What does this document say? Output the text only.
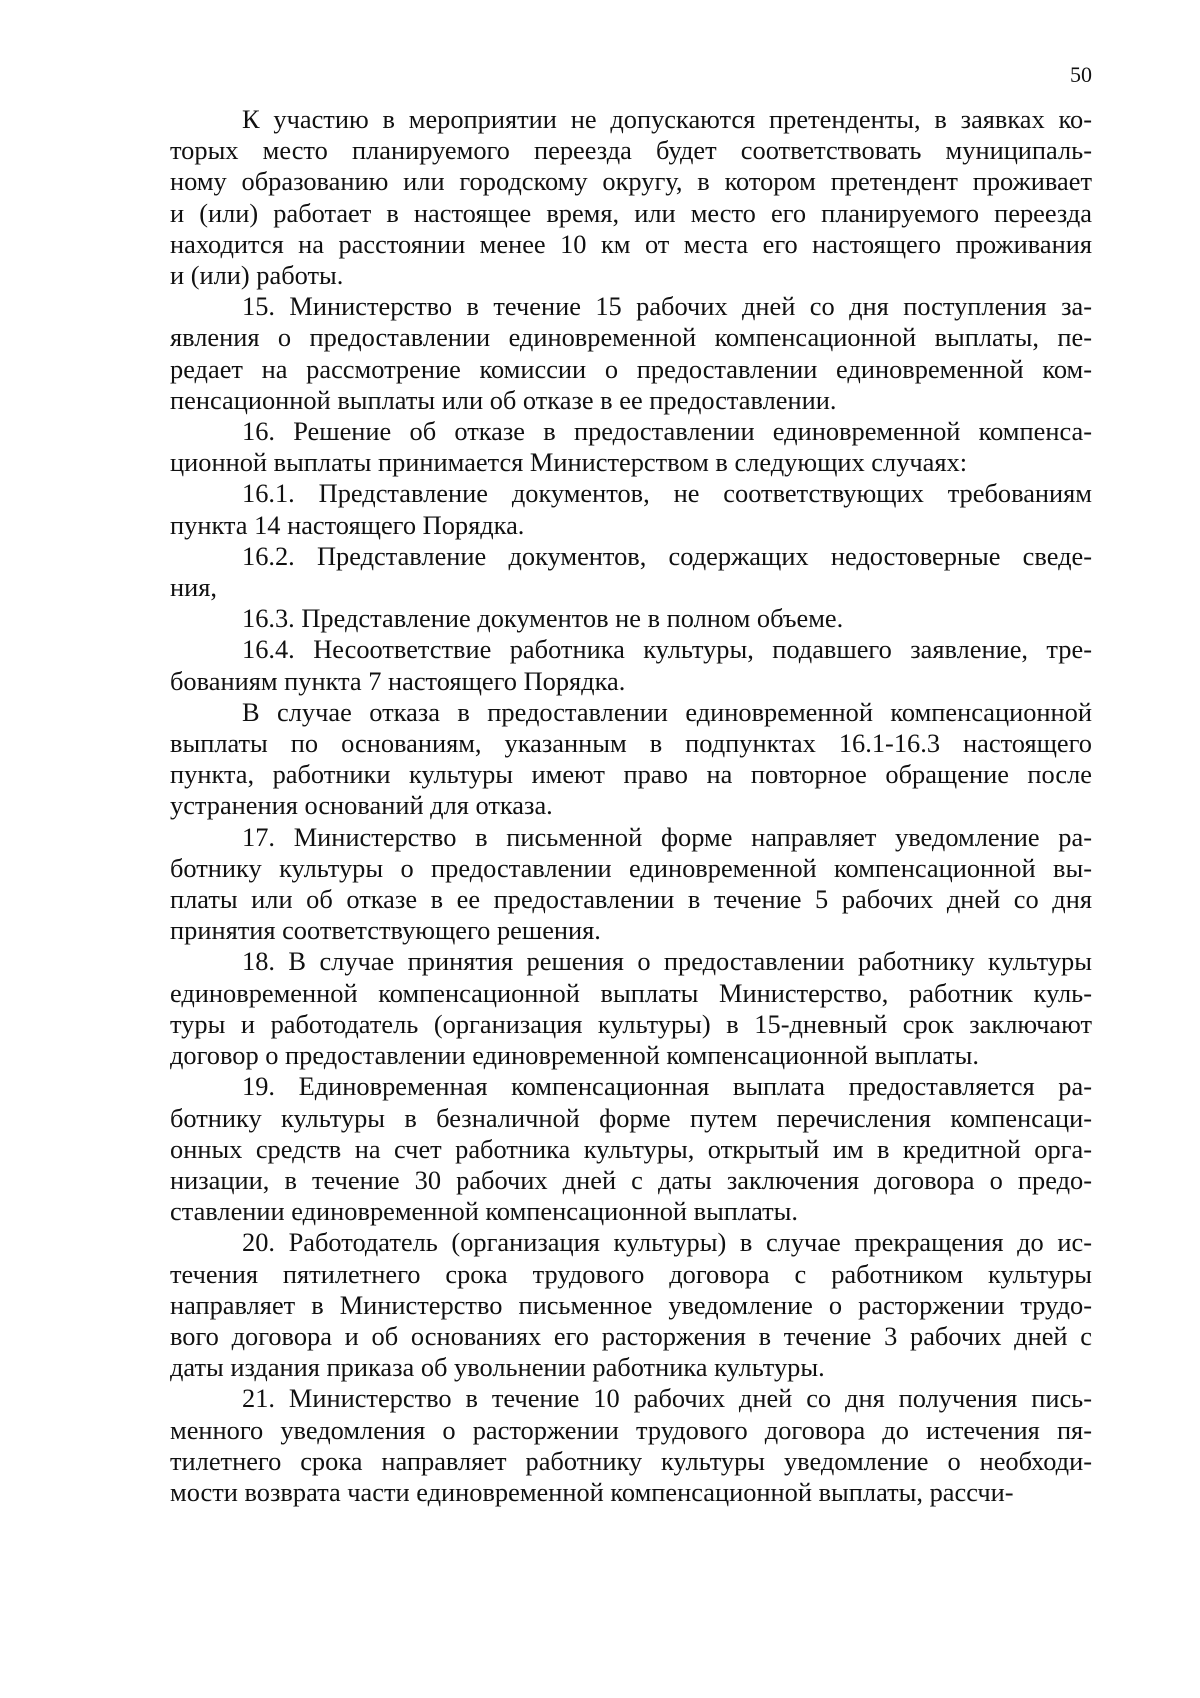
50

К участию в мероприятии не допускаются претенденты, в заявках ко-
торых место планируемого переезда будет соответствовать муниципаль-
ному образованию или городскому округу, в котором претендент проживает
и (или) работает в настоящее время, или место его планируемого переезда
находится на расстоянии менее 10 км от места его настоящего проживания
и (или) работы.

15. Министерство в течение 15 рабочих дней со дня поступления за-
явления о предоставлении единовременной компенсационной выплаты, пе-
редает на рассмотрение комиссии о предоставлении единовременной ком-
пенсационной выплаты или об отказе в ее предоставлении.

16. Решение об отказе в предоставлении единовременной компенса-
ционной выплаты принимается Министерством в следующих случаях:

16.1. Представление документов, не соответствующих требованиям
пункта 14 настоящего Порядка.

16.2. Представление документов, содержащих недостоверные сведе-
ния,

16.3. Представление документов не в полном объеме.

16.4. Несоответствие работника культуры, подавшего заявление, тре-
бованиям пункта 7 настоящего Порядка.

В случае отказа в предоставлении единовременной компенсационной
выплаты по основаниям, указанным в подпунктах 16.1-16.3 настоящего
пункта, работники культуры имеют право на повторное обращение после
устранения оснований для отказа.

17. Министерство в письменной форме направляет уведомление ра-
ботнику культуры о предоставлении единовременной компенсационной вы-
платы или об отказе в ее предоставлении в течение 5 рабочих дней со дня
принятия соответствующего решения.

18. В случае принятия решения о предоставлении работнику культуры
единовременной компенсационной выплаты Министерство, работник куль-
туры и работодатель (организация культуры) в 15-дневный срок заключают
договор о предоставлении единовременной компенсационной выплаты.

19. Единовременная компенсационная выплата предоставляется ра-
ботнику культуры в безналичной форме путем перечисления компенсаци-
онных средств на счет работника культуры, открытый им в кредитной орга-
низации, в течение 30 рабочих дней с даты заключения договора о предо-
ставлении единовременной компенсационной выплаты.

20. Работодатель (организация культуры) в случае прекращения до ис-
течения пятилетнего срока трудового договора с работником культуры
направляет в Министерство письменное уведомление о расторжении трудо-
вого договора и об основаниях его расторжения в течение 3 рабочих дней с
даты издания приказа об увольнении работника культуры.

21. Министерство в течение 10 рабочих дней со дня получения пись-
менного уведомления о расторжении трудового договора до истечения пя-
тилетнего срока направляет работнику культуры уведомление о необходи-
мости возврата части единовременной компенсационной выплаты, рассчи-
